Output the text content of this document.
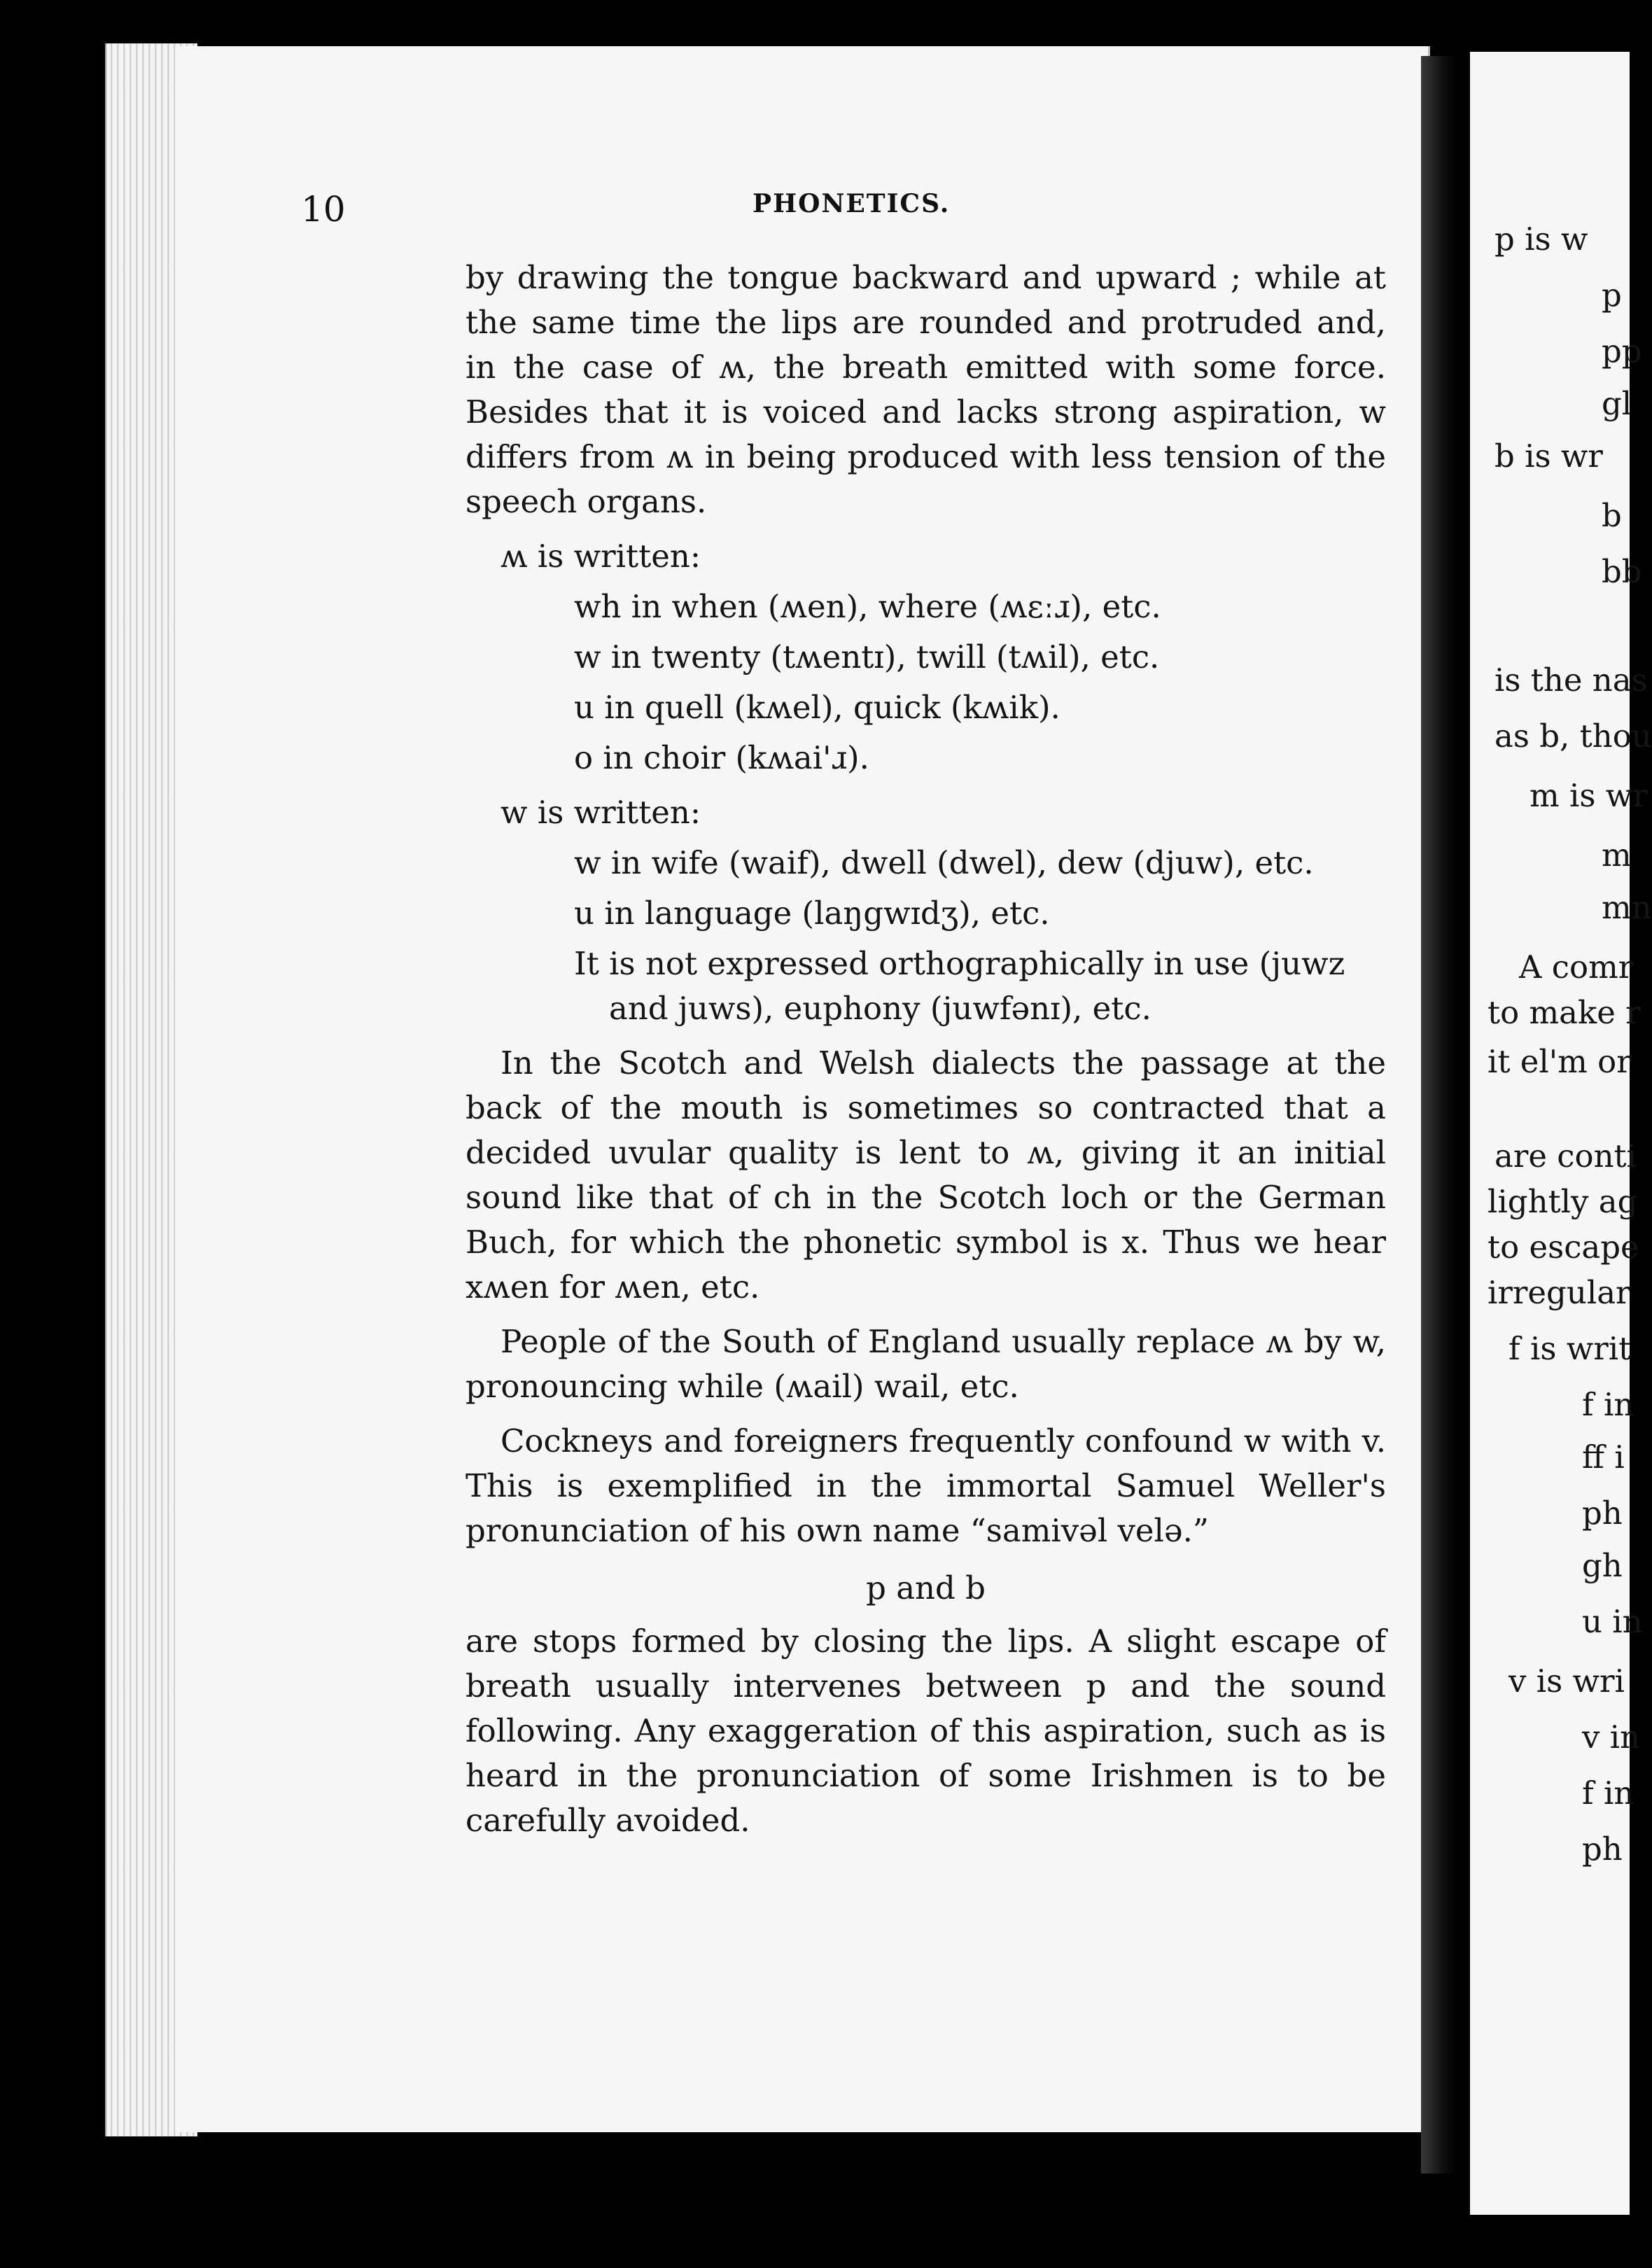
10	PHONETICS.

by drawing the tongue backward and upward ; while at the same time the lips are rounded and protruded and, in the case of ʍ, the breath emitted with some force. Besides that it is voiced and lacks strong aspiration, w differs from ʍ in being produced with less tension of the speech organs.

ʍ is written:
wh in when (ʍen), where (ʍɛːɹ), etc.
w in twenty (tʍentɪ), twill (tʍil), etc.
u in quell (kʍel), quick (kʍik).
o in choir (kʍai'ɹ).
w is written:
w in wife (waif), dwell (dwel), dew (djuw), etc.
u in language (laŋgwɪdʒ), etc.
It is not expressed orthographically in use (juwz and juws), euphony (juwfənɪ), etc.

In the Scotch and Welsh dialects the passage at the back of the mouth is sometimes so contracted that a decided uvular quality is lent to ʍ, giving it an initial sound like that of ch in the Scotch loch or the German Buch, for which the phonetic symbol is x. Thus we hear xʍen for ʍen, etc.

People of the South of England usually replace ʍ by w, pronouncing while (ʍail) wail, etc.

Cockneys and foreigners frequently confound w with v. This is exemplified in the immortal Samuel Weller's pronunciation of his own name “samivəl velə.”

p and b

are stops formed by closing the lips. A slight escape of breath usually intervenes between p and the sound following. Any exaggeration of this aspiration, such as is heard in the pronunciation of some Irishmen is to be carefully avoided.

p is w
p
pp
gl
b is wr
b
bb
is the nas
as b, thou
m is wr
m
mn
A comr
to make r
it el'm or
are conti
lightly ag
to escape
irregular
f is writ
f in
ff i
ph
gh
u in
v is wri
v in
f in
ph
